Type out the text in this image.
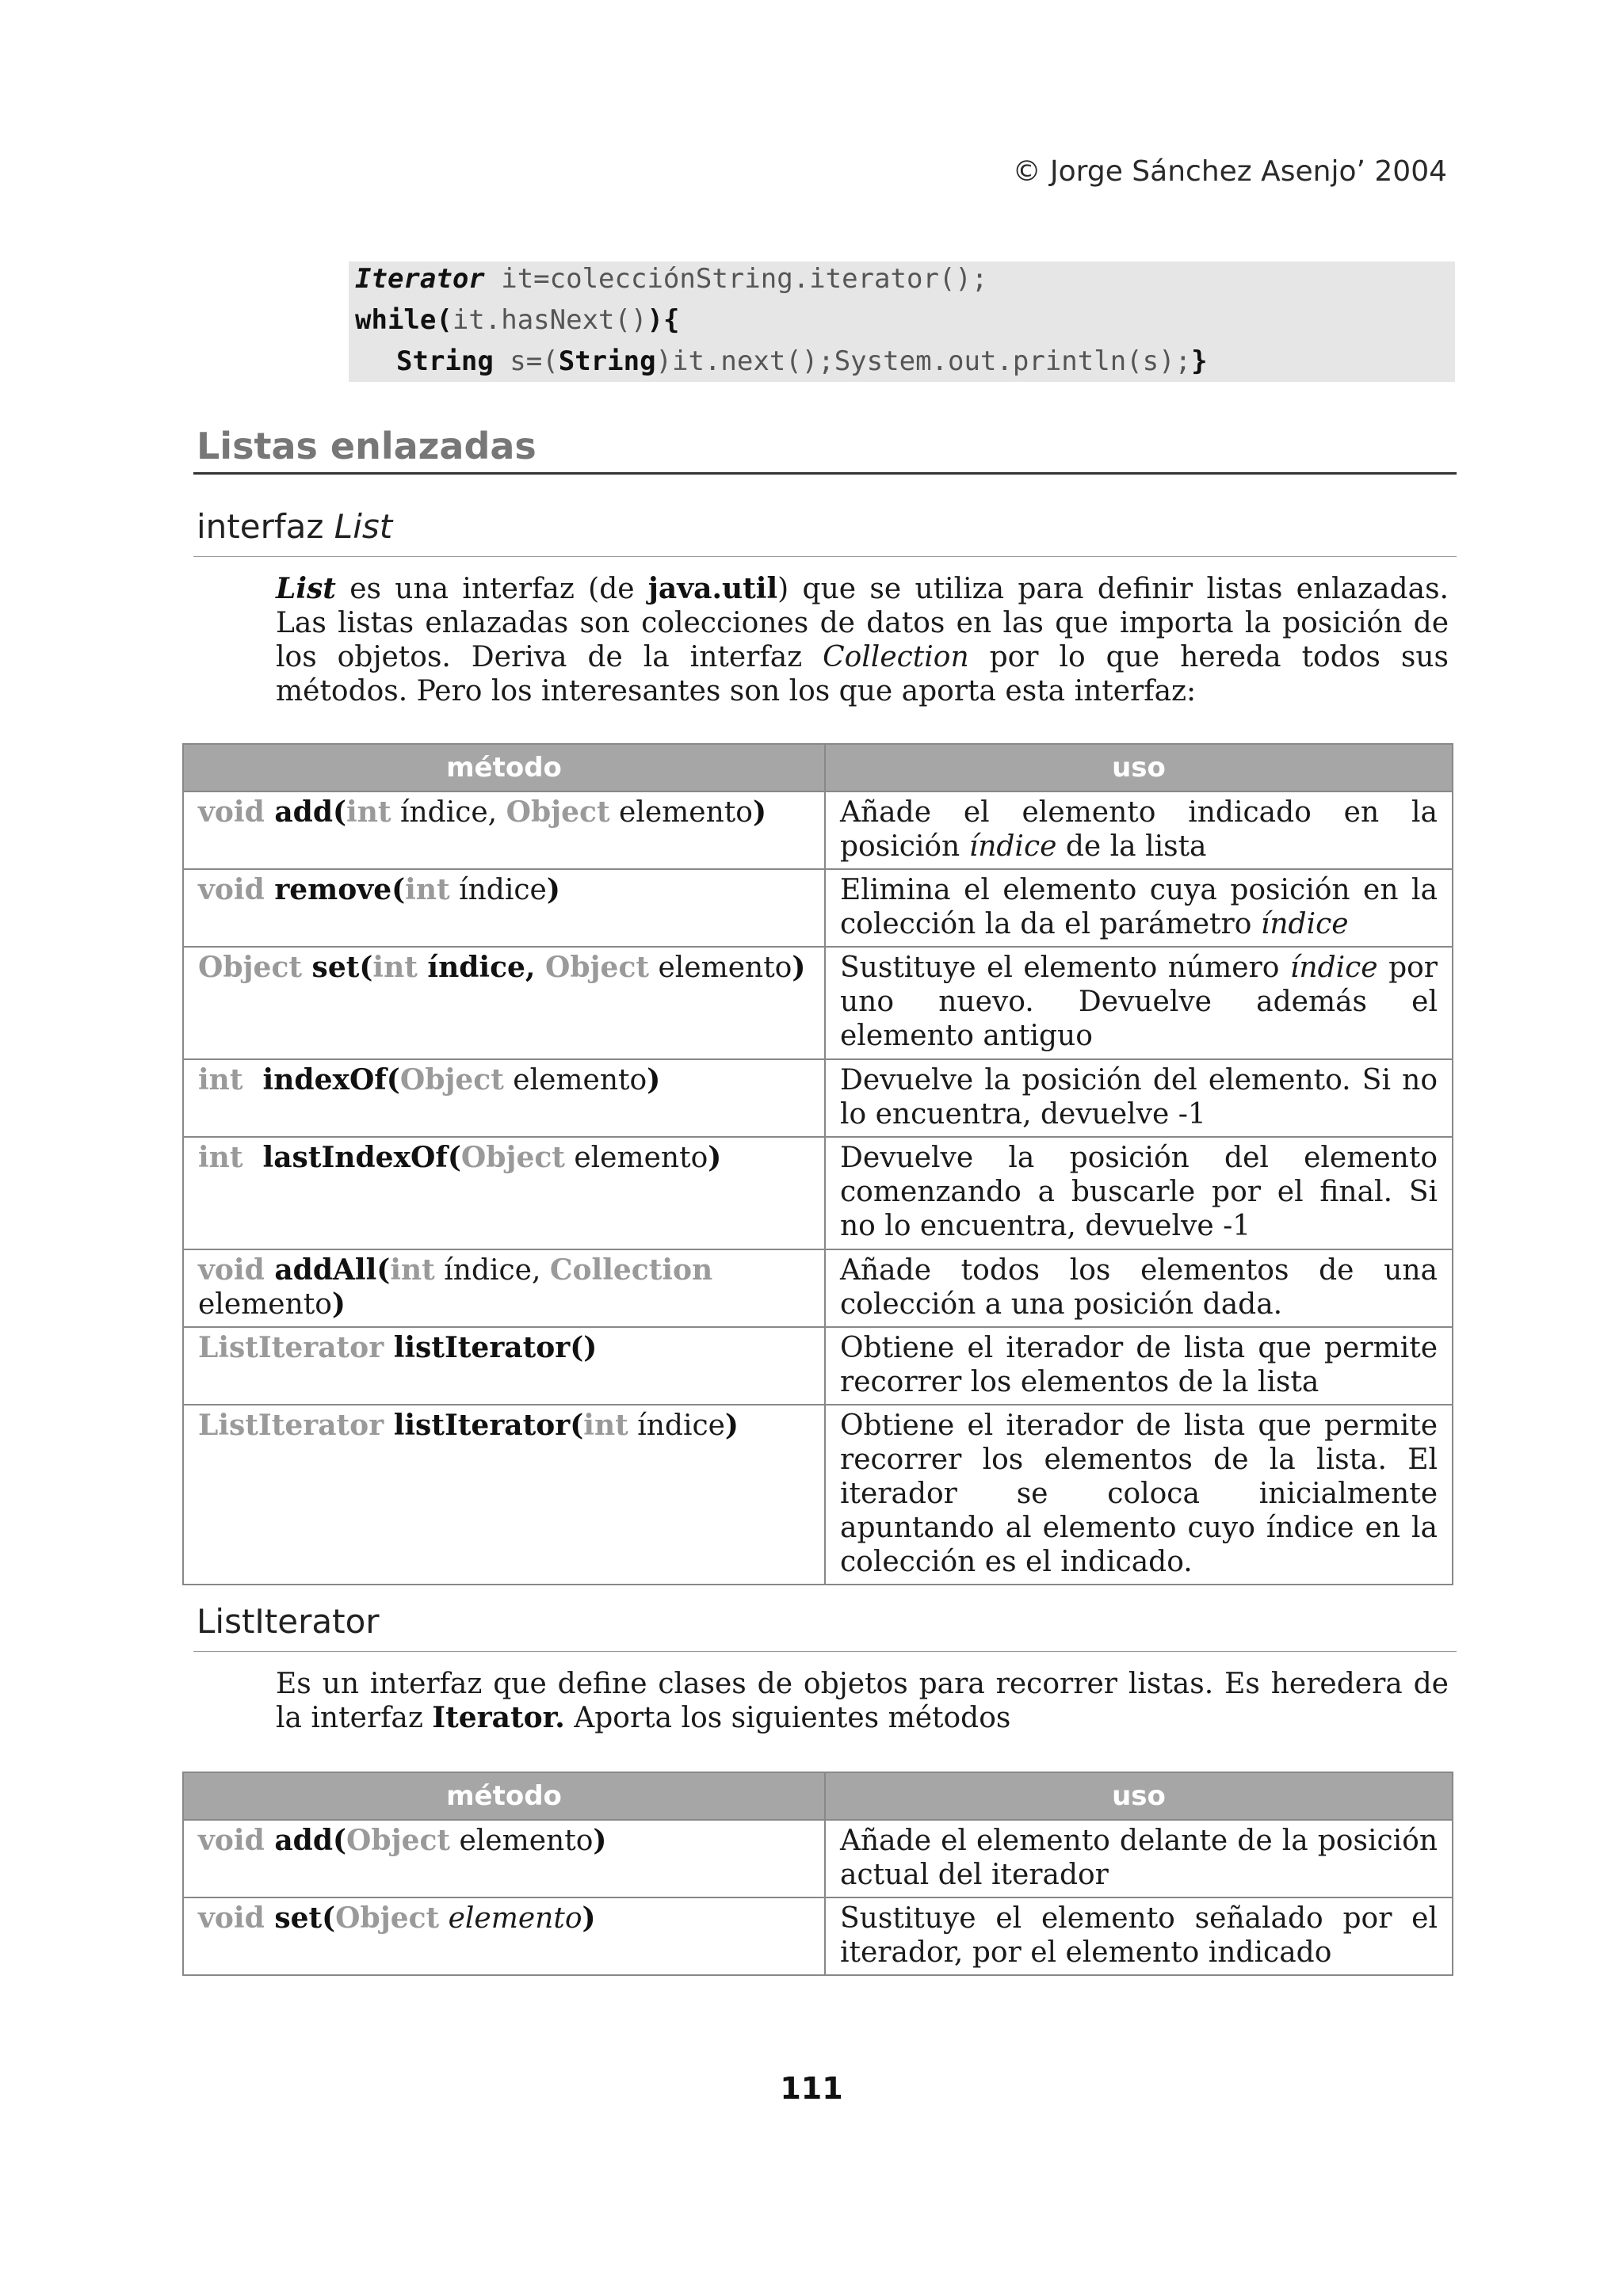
© Jorge Sánchez Asenjo’ 2004
Iterator it=colecciónString.iterator();
while(it.hasNext()){
String s=(String)it.next();System.out.println(s);}
Listas enlazadas
interfaz List
List es una interfaz (de java.util) que se utiliza para definir listas enlazadas. Las listas enlazadas son colecciones de datos en las que importa la posición de los objetos. Deriva de la interfaz Collection por lo que hereda todos sus métodos. Pero los interesantes son los que aporta esta interfaz:
método	uso
void add(int índice, Object elemento)	Añade el elemento indicado en la posición índice de la lista
void remove(int índice)	Elimina el elemento cuya posición en la colección la da el parámetro índice
Object set(int índice, Object elemento)	Sustituye el elemento número índice por uno nuevo. Devuelve además el elemento antiguo
int  indexOf(Object elemento)	Devuelve la posición del elemento. Si no lo encuentra, devuelve -1
int  lastIndexOf(Object elemento)	Devuelve la posición del elemento comenzando a buscarle por el final. Si no lo encuentra, devuelve -1
void addAll(int índice, Collection elemento)	Añade todos los elementos de una colección a una posición dada.
ListIterator listIterator()	Obtiene el iterador de lista que permite recorrer los elementos de la lista
ListIterator listIterator(int índice)	Obtiene el iterador de lista que permite recorrer los elementos de la lista. El iterador se coloca inicialmente apuntando al elemento cuyo índice en la colección es el indicado.
ListIterator
Es un interfaz que define clases de objetos para recorrer listas. Es heredera de la interfaz Iterator. Aporta los siguientes métodos
método	uso
void add(Object elemento)	Añade el elemento delante de la posición actual del iterador
void set(Object elemento)	Sustituye el elemento señalado por el iterador, por el elemento indicado
111
